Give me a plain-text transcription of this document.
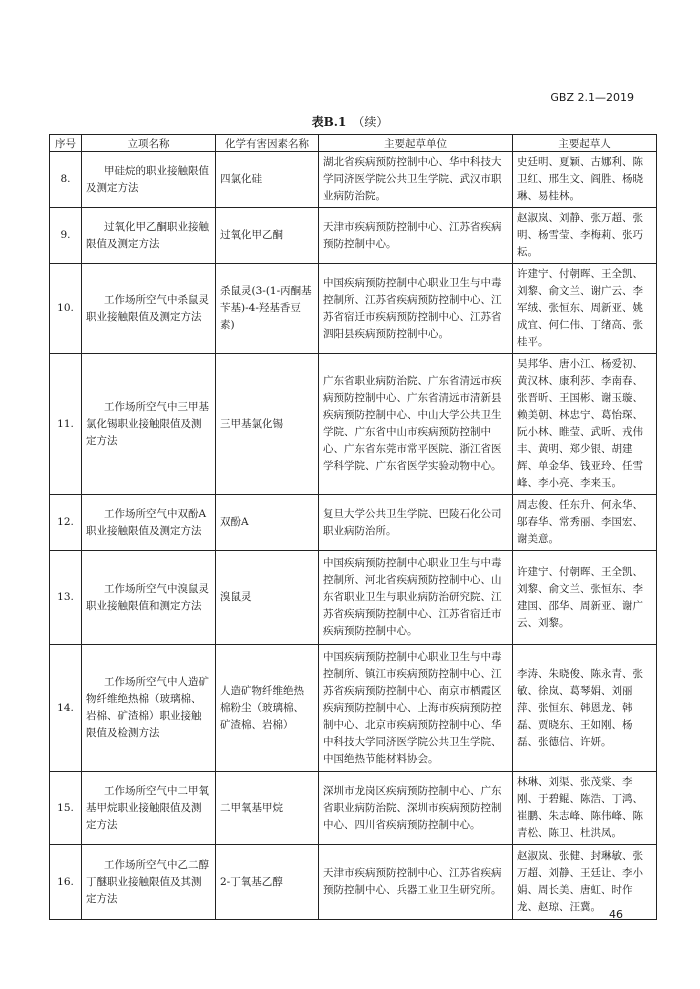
GBZ 2.1—2019
表B.1 （续）
序号	立项名称	化学有害因素名称	主要起草单位	主要起草人
8.	甲硅烷的职业接触限值及测定方法	四氯化硅	湖北省疾病预防控制中心、华中科技大学同济医学院公共卫生学院、武汉市职业病防治院。	史廷明、夏颖、古娜利、陈卫红、邢生文、阎胜、杨晓琳、易桂林。
9.	过氧化甲乙酮职业接触限值及测定方法	过氧化甲乙酮	天津市疾病预防控制中心、江苏省疾病预防控制中心。	赵淑岚、刘静、张万超、张明、杨雪莹、李梅莉、张巧耘。
10.	工作场所空气中杀鼠灵职业接触限值及测定方法	杀鼠灵(3-(1-丙酮基苄基)-4-羟基香豆素)	中国疾病预防控制中心职业卫生与中毒控制所、江苏省疾病预防控制中心、江苏省宿迁市疾病预防控制中心、江苏省泗阳县疾病预防控制中心。	许建宁、付朝晖、王全凯、刘黎、俞文兰、谢广云、李军绒、张恒东、周新亚、姚成宜、何仁伟、丁绪高、张桂平。
11.	工作场所空气中三甲基氯化锡职业接触限值及测定方法	三甲基氯化锡	广东省职业病防治院、广东省清远市疾病预防控制中心、广东省清远市清新县疾病预防控制中心、中山大学公共卫生学院、广东省中山市疾病预防控制中心、广东省东莞市常平医院、浙江省医学科学院、广东省医学实验动物中心。	吴邦华、唐小江、杨爱初、黄汉林、康利莎、李南春、张晋昕、王国彬、谢玉璇、赖美朝、林忠宁、葛怡琛、阮小林、睢莹、武昕、戎伟丰、黄明、郑少银、胡建辉、单金华、钱亚玲、任雪峰、李小亮、李来玉。
12.	工作场所空气中双酚A职业接触限值及测定方法	双酚A	复旦大学公共卫生学院、巴陵石化公司职业病防治所。	周志俊、任东升、何永华、邬春华、常秀丽、李国宏、谢美意。
13.	工作场所空气中溴鼠灵职业接触限值和测定方法	溴鼠灵	中国疾病预防控制中心职业卫生与中毒控制所、河北省疾病预防控制中心、山东省职业卫生与职业病防治研究院、江苏省疾病预防控制中心、江苏省宿迁市疾病预防控制中心。	许建宁、付朝晖、王全凯、刘黎、俞文兰、张恒东、李建国、邵华、周新亚、谢广云、刘黎。
14.	工作场所空气中人造矿物纤维绝热棉（玻璃棉、岩棉、矿渣棉）职业接触限值及检测方法	人造矿物纤维绝热棉粉尘（玻璃棉、矿渣棉、岩棉）	中国疾病预防控制中心职业卫生与中毒控制所、镇江市疾病预防控制中心、江苏省疾病预防控制中心、南京市栖霞区疾病预防控制中心、上海市疾病预防控制中心、北京市疾病预防控制中心、华中科技大学同济医学院公共卫生学院、中国绝热节能材料协会。	李涛、朱晓俊、陈永青、张敏、徐岚、葛琴娟、刘丽萍、张恒东、韩恩龙、韩磊、贾晓东、王如刚、杨磊、张德信、许妍。
15.	工作场所空气中二甲氧基甲烷职业接触限值及测定方法	二甲氧基甲烷	深圳市龙岗区疾病预防控制中心、广东省职业病防治院、深圳市疾病预防控制中心、四川省疾病预防控制中心。	林琳、刘渠、张茂棠、李刚、于碧鲲、陈浩、丁鸿、崔鹏、朱志峰、陈伟峰、陈青松、陈卫、杜洪凤。
16.	工作场所空气中乙二醇丁醚职业接触限值及其测定方法	2-丁氧基乙醇	天津市疾病预防控制中心、江苏省疾病预防控制中心、兵器工业卫生研究所。	赵淑岚、张健、封琳敏、张万超、刘静、王廷让、李小娟、周长美、唐虹、时作龙、赵琼、汪冀。
46
